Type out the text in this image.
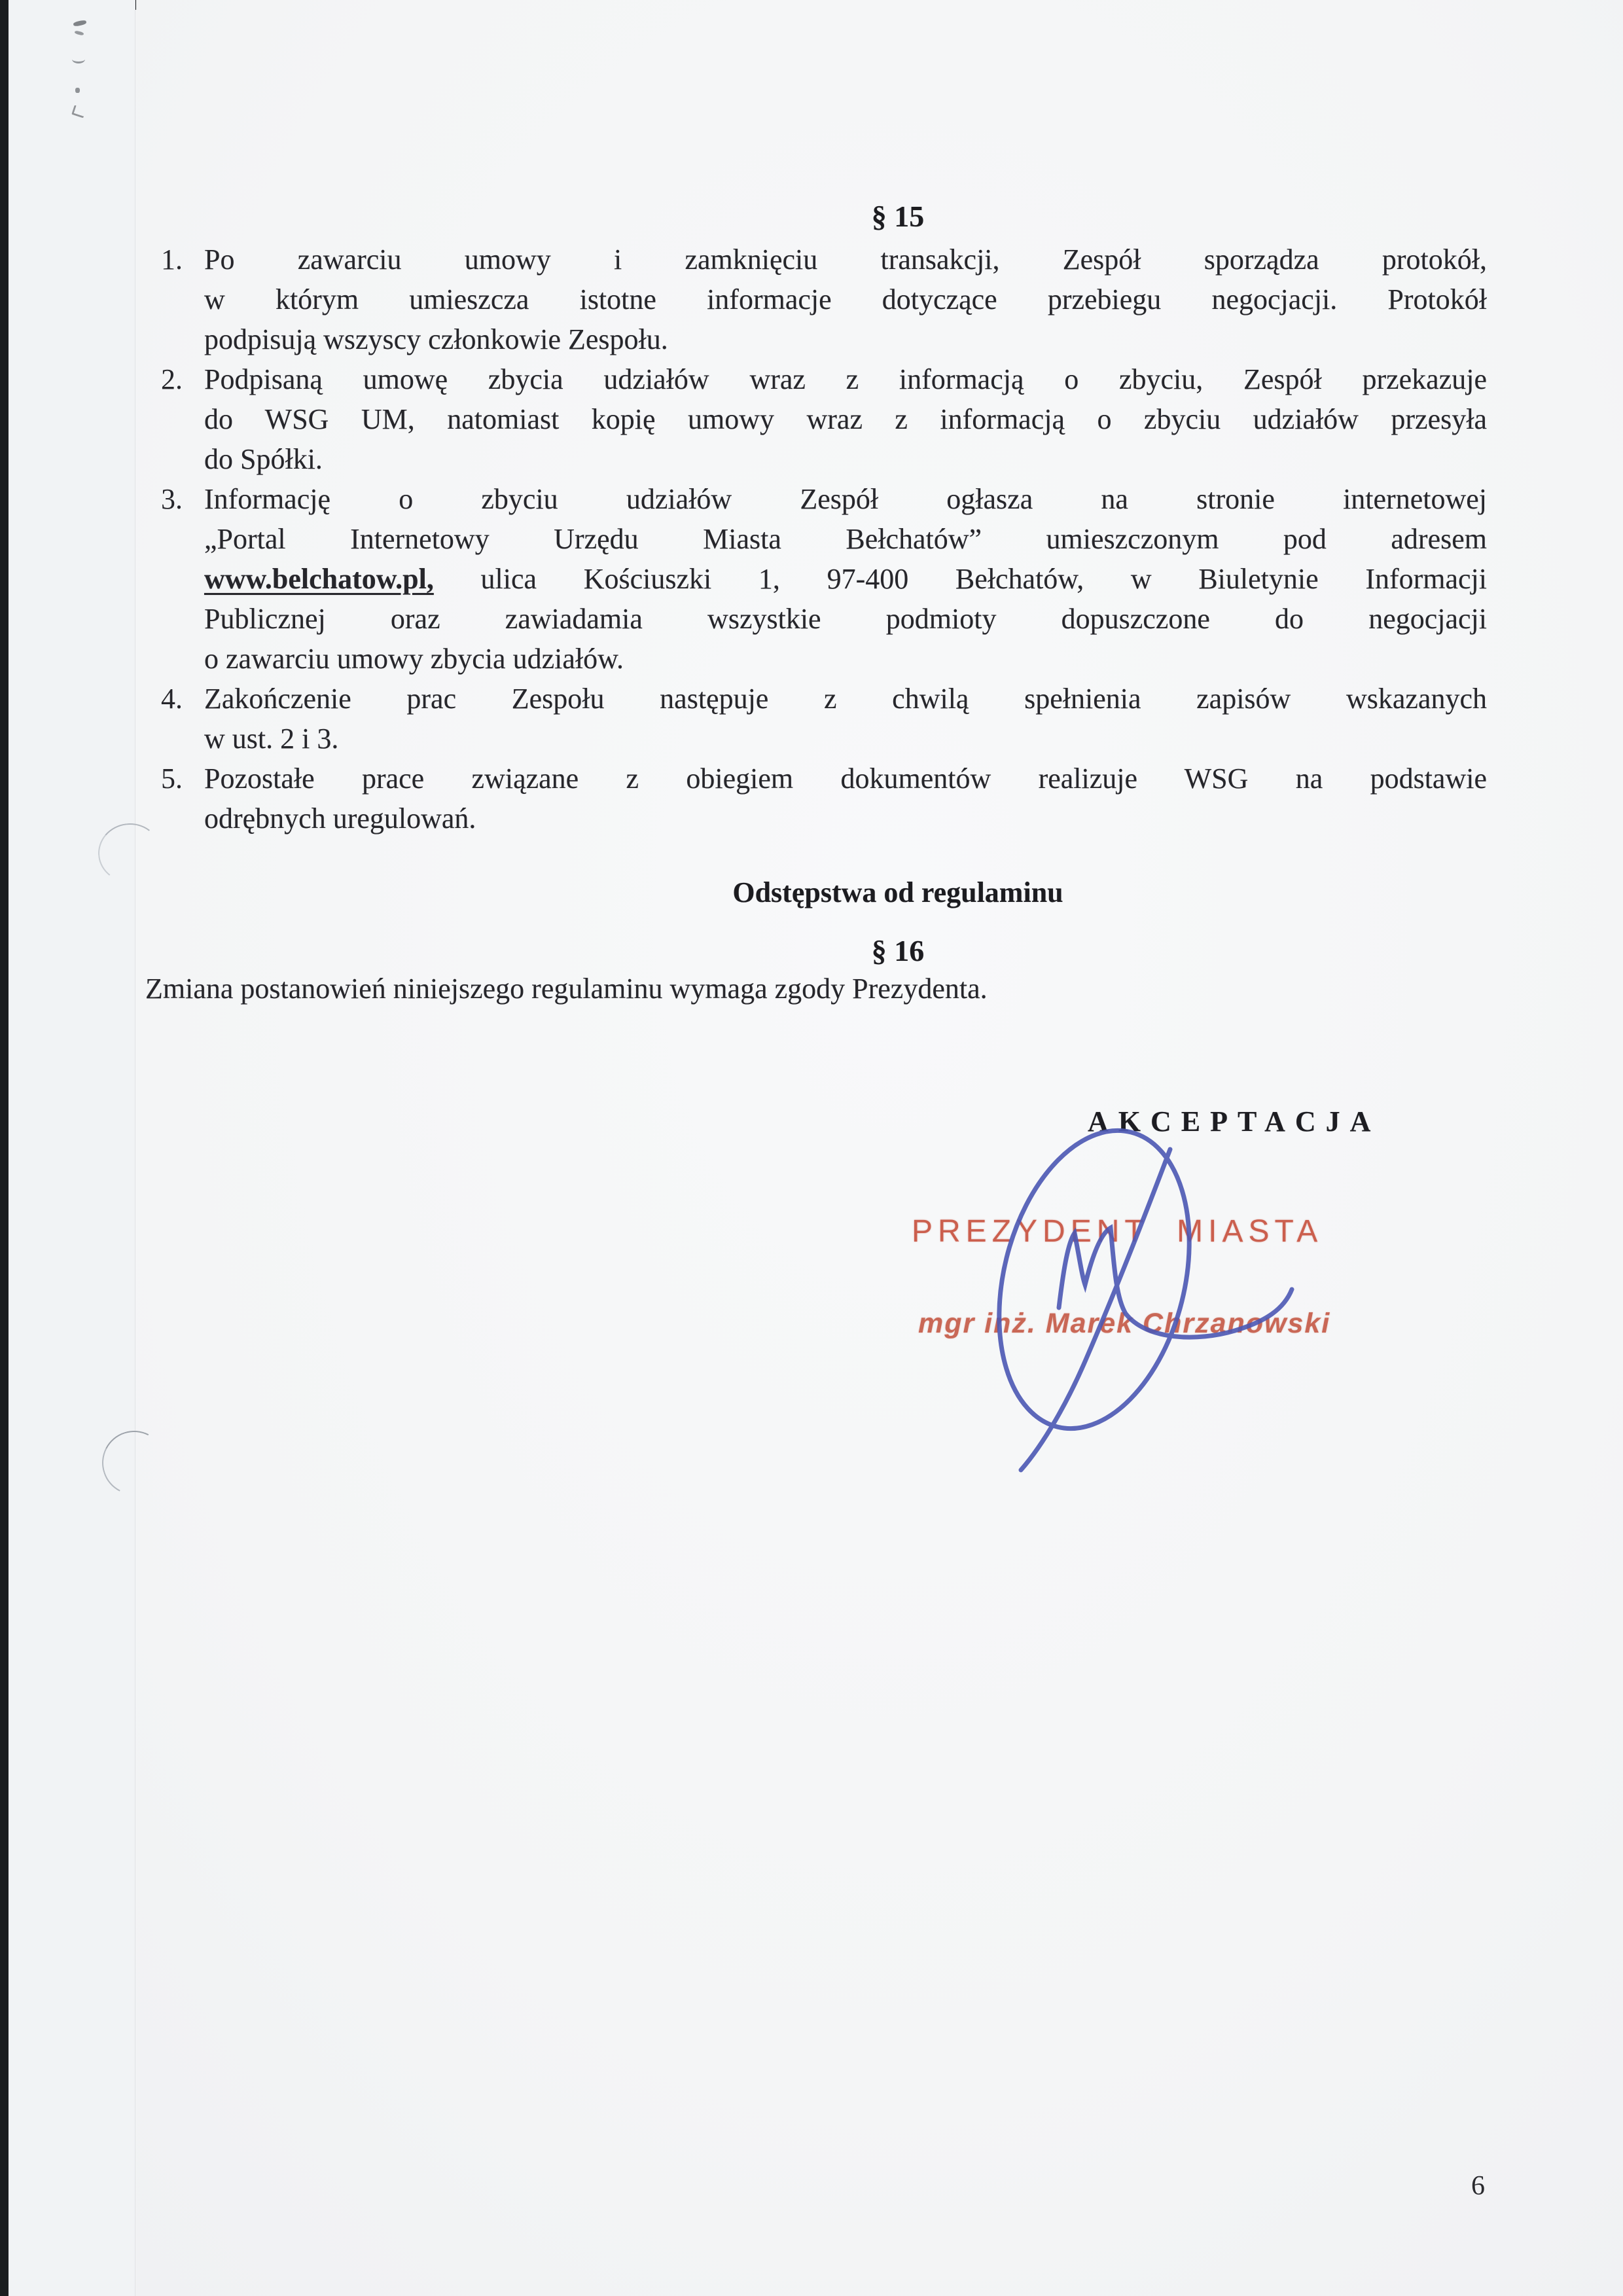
§ 15
1. Po zawarciu umowy i zamknięciu transakcji, Zespół sporządza protokół,
w którym umieszcza istotne informacje dotyczące przebiegu negocjacji. Protokół
podpisują wszyscy członkowie Zespołu.
2. Podpisaną umowę zbycia udziałów wraz z informacją o zbyciu, Zespół przekazuje
do WSG UM, natomiast kopię umowy wraz z informacją o zbyciu udziałów przesyła
do Spółki.
3. Informację o zbyciu udziałów Zespół ogłasza na stronie internetowej
„Portal Internetowy Urzędu Miasta Bełchatów” umieszczonym pod adresem
www.belchatow.pl, ulica Kościuszki 1, 97-400 Bełchatów, w Biuletynie Informacji
Publicznej oraz zawiadamia wszystkie podmioty dopuszczone do negocjacji
o zawarciu umowy zbycia udziałów.
4. Zakończenie prac Zespołu następuje z chwilą spełnienia zapisów wskazanych
w ust. 2 i 3.
5. Pozostałe prace związane z obiegiem dokumentów realizuje WSG na podstawie
odrębnych uregulowań.
Odstępstwa od regulaminu
§ 16
Zmiana postanowień niniejszego regulaminu wymaga zgody Prezydenta.
AKCEPTACJA
PREZYDENT MIASTA
mgr inż. Marek Chrzanowski
6
